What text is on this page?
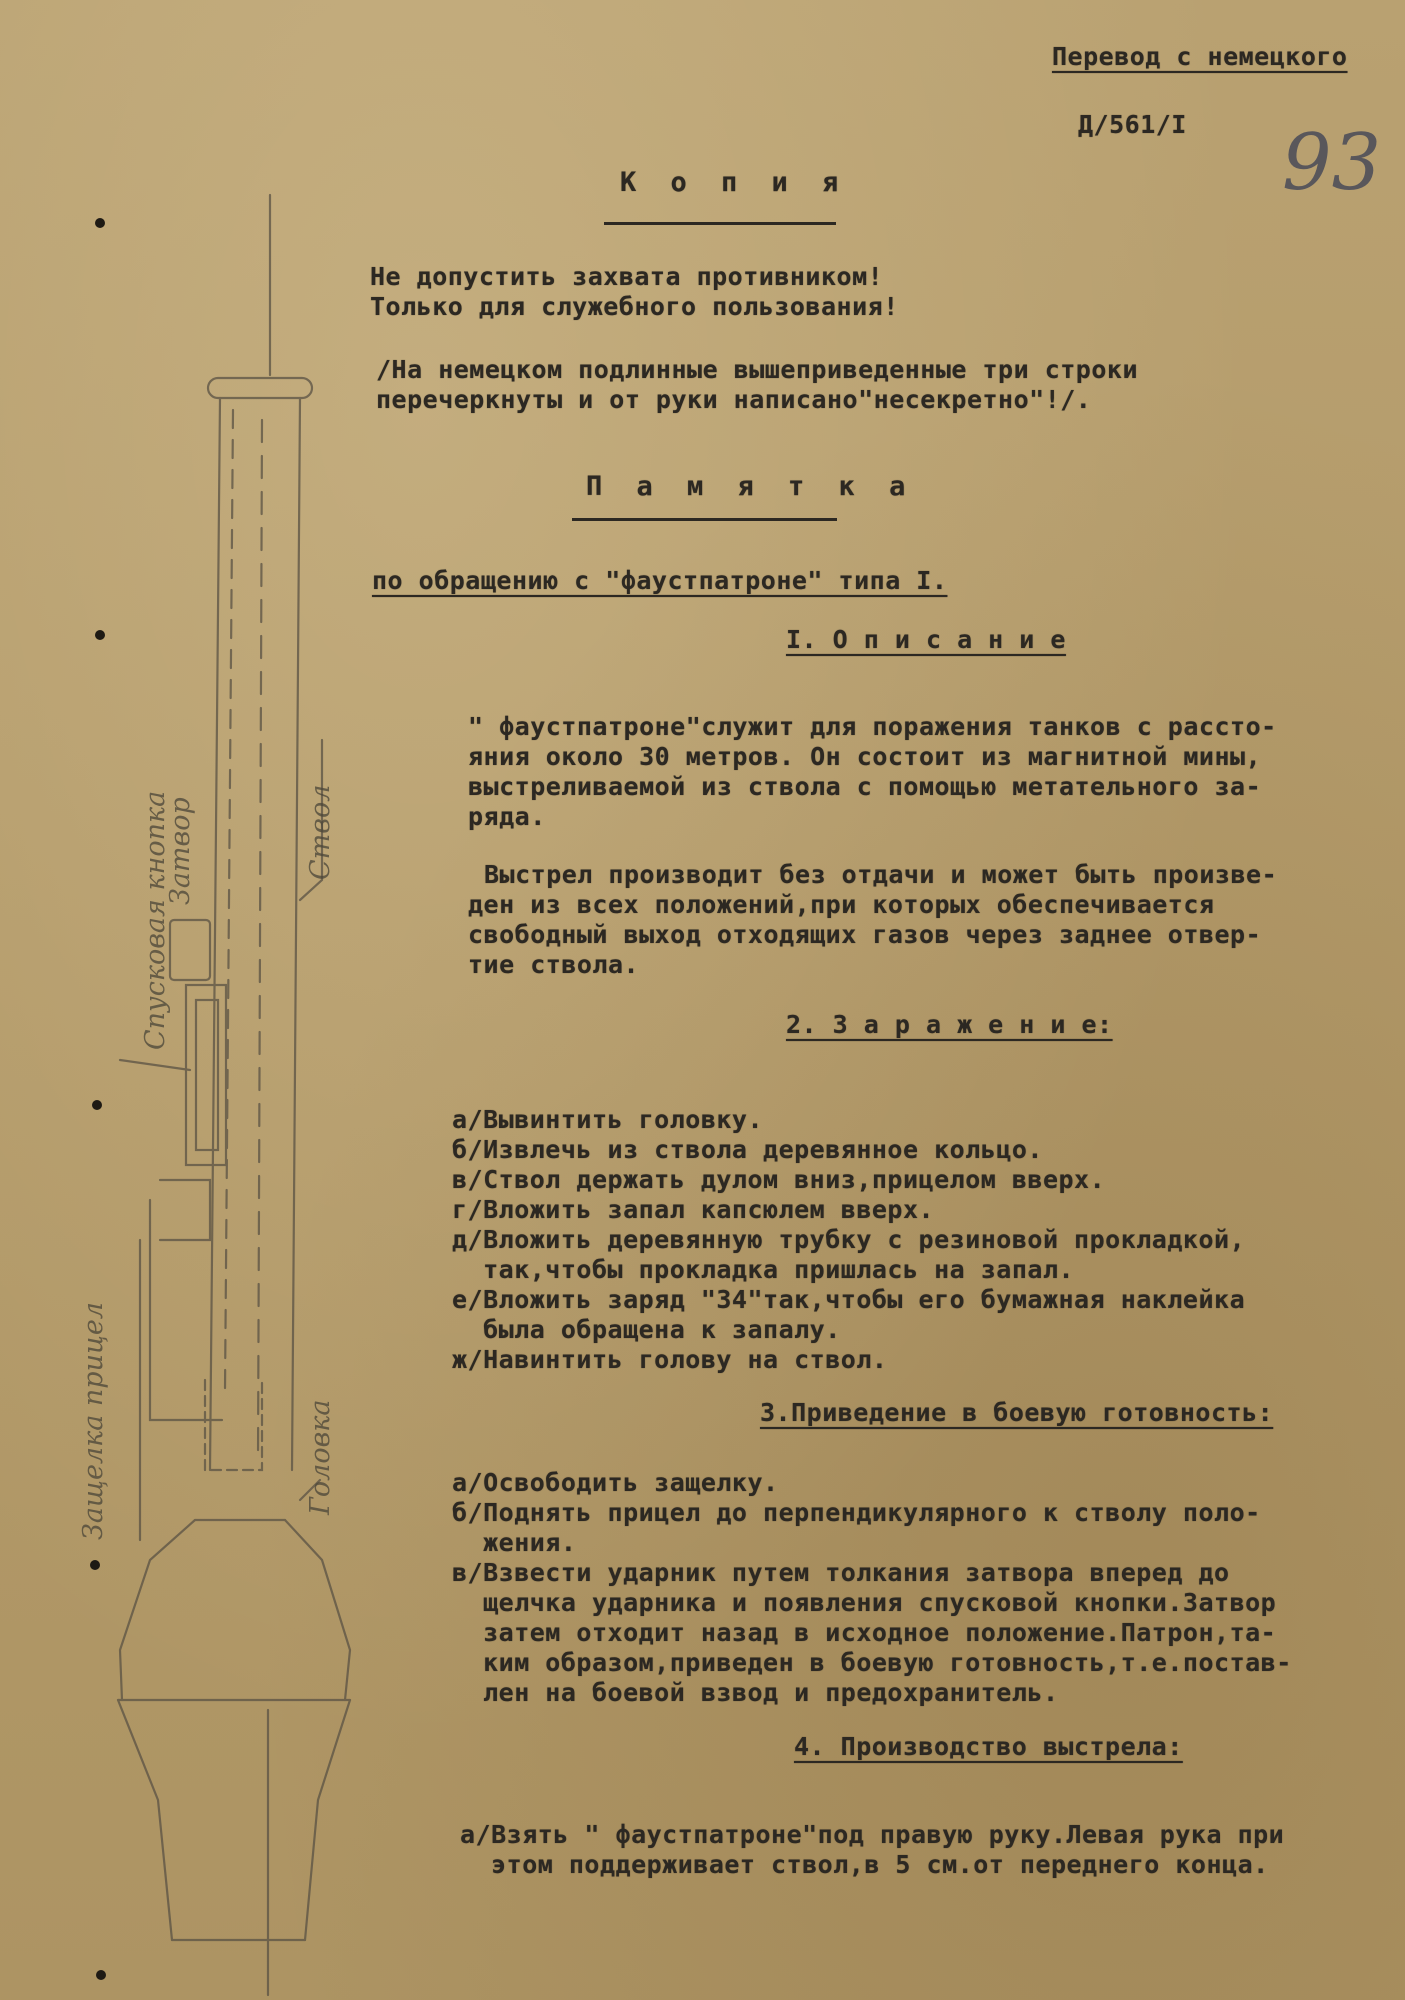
Перевод с немецкого
Д/561/I 93
К о п и я
Не допустить захвата противником!
Только для служебного пользования!
/На немецком подлинные вышеприведенные три строки
перечеркнуты и от руки написано"несекретно"!/.
П а м я т к а
по обращению с "фаустпатроне" типа I.
I. О п и с а н и е
" фаустпатроне"служит для поражения танков с рассто-
яния около 30 метров. Он состоит из магнитной мины,
выстреливаемой из ствола с помощью метательного за-
ряда.
Выстрел производит без отдачи и может быть произве-
ден из всех положений,при которых обеспечивается
свободный выход отходящих газов через заднее отвер-
тие ствола.
2. З а р а ж е н и е:
а/Вывинтить головку.
б/Извлечь из ствола деревянное кольцо.
в/Ствол держать дулом вниз,прицелом вверх.
г/Вложить запал капсюлем вверх.
д/Вложить деревянную трубку с резиновой прокладкой,
так,чтобы прокладка пришлась на запал.
е/Вложить заряд "34"так,чтобы его бумажная наклейка
была обращена к запалу.
ж/Навинтить голову на ствол.
3.Приведение в боевую готовность:
а/Освободить защелку.
б/Поднять прицел до перпендикулярного к стволу поло-
жения.
в/Взвести ударник путем толкания затвора вперед до
щелчка ударника и появления спусковой кнопки.Затвор
затем отходит назад в исходное положение.Патрон,та-
ким образом,приведен в боевую готовность,т.е.постав-
лен на боевой взвод и предохранитель.
4. Производство выстрела:
а/Взять " фаустпатроне"под правую руку.Левая рука при
этом поддерживает ствол,в 5 см.от переднего конца.
Спусковая кнопка
Затвор	Ствол
Защелка прицел	Головка
